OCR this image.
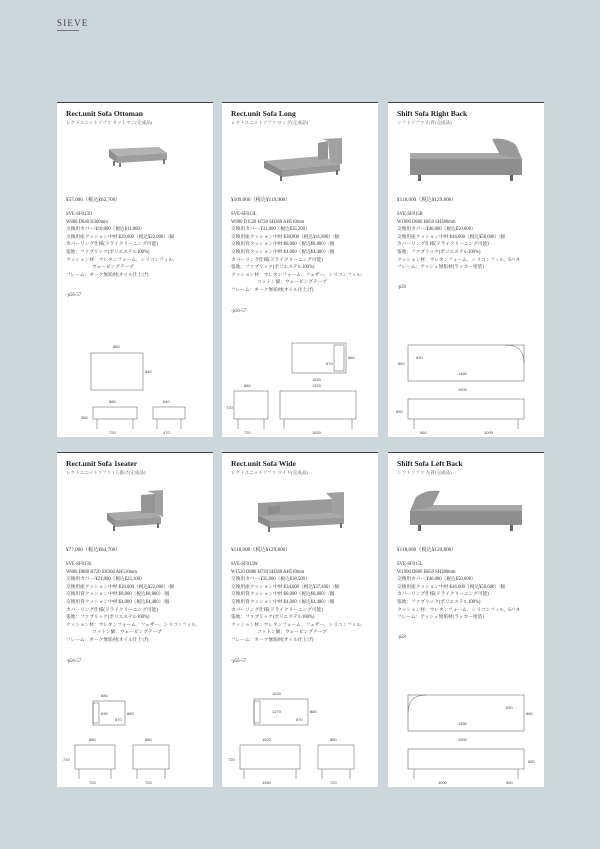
SIEVE
Rect.unit Sofa Ottoman
レクトユニットソファ オットマン(完成品)
¥57,000（税込¥62,700）
SVE-SF013O
W880 D640 H360mm
交換用カバー:¥10,000（税込¥11,000）
交換用座クッション中材:¥20,000（税込¥22,000）/個
カバーリング仕様(ドライクリーニング可能)
張地：ファブリック(ポリエステル100%)
クッション材：ウレタンフォーム、シリコンフィル、
ウェービングテープ
フレーム：オーク無垢材(オイル仕上げ)
-p56-57
880
640
880
720
640
470
360
Rect.unit Sofa Long
レクトユニットソファ ロング(完成品)
¥109,000（税込¥119,900）
SVE-SF013L
W880 D1520 H720 SH360 AH510mm
交換用カバー:¥32,000（税込¥35,200）
交換用座クッション中材:¥38,000（税込¥41,800）/個
交換用背クッション中材:¥8,000（税込¥8,800）/個
交換用背クッション中材:¥4,000（税込¥4,400）/個
カバーリング仕様(ドライクリーニング可能)
張地：ファブリック(ポリエステル100%)
クッション材：ウレタンフォーム、フェザー、シリコンフィル、
コットン綿、ウェービングテープ
フレーム：オーク無垢材(オイル仕上げ)
-p56-57
1520
880
1320
670
880
720	1520
720
Shift Sofa Right Back
シフトソファ 右背(完成品)
¥118,000（税込¥129,800）
SVE-SF015R
W1900 D860 H650 SH380mm
交換用カバー:¥46,000（税込¥50,600）
交換用座クッション中材:¥46,000（税込¥50,600）/個
カバーリング仕様(ドライクリーニング可能)
張地：ファブリック(ポリエステル100%)
クッション材：ウレタンフォーム、シリコンフィル、Sバネ
フレーム：アッシュ無垢材(ラッカー塗装)
-p58
1900
860
1480
630
560	1000
650
Rect.unit Sofa 1seater
レクトユニットソファ 1人掛け(完成品)
¥77,000（税込¥84,700）
SVE-SF013S
W880 D880 H720 SH360 AH510mm
交換用カバー:¥21,000（税込¥23,100）
交換用座クッション中材:¥20,000（税込¥22,000）/個
交換用背クッション中材:¥8,000（税込¥8,800）/個
交換用背クッション中材:¥4,000（税込¥4,400）/個
カバーリング仕様(ドライクリーニング可能)
張地：ファブリック(ポリエステル100%)
クッション材：ウレタンフォーム、フェザー、シリコンフィル、
コットン綿、ウェービングテープ
フレーム：オーク無垢材(オイル仕上げ)
-p56-57
880
880
630
670
880
720
880
720
720
Rect.unit Sofa Wide
レクトユニットソファ ワイド(完成品)
¥118,000（税込¥129,800）
SVE-SF013W
W1520 D880 H720 SH360 AH510mm
交換用カバー:¥35,000（税込¥38,500）
交換用座クッション中材:¥34,000（税込¥37,400）/個
交換用背クッション中材:¥8,000（税込¥8,800）/個
交換用背クッション中材:¥4,000（税込¥4,400）/個
カバーリング仕様(ドライクリーニング可能)
張地：ファブリック(ポリエステル100%)
クッション材：ウレタンフォーム、フェザー、シリコンフィル、
コットン綿、ウェービングテープ
フレーム：オーク無垢材(オイル仕上げ)
-p56-57
1520
880
1270
670
1520
1360
880
720
720
Shift Sofa Left Back
シフトソファ 左背(完成品)
¥118,000（税込¥129,800）
SVE-SF015L
W1900 D860 H650 SH380mm
交換用カバー:¥46,000（税込¥50,600）
交換用座クッション中材:¥46,000（税込¥50,600）/個
カバーリング仕様(ドライクリーニング可能)
張地：ファブリック(ポリエステル100%)
クッション材：ウレタンフォーム、シリコンフィル、Sバネ
フレーム：アッシュ無垢材(ラッカー塗装)
-p58
1900
860
1480
630
560
1000
650
